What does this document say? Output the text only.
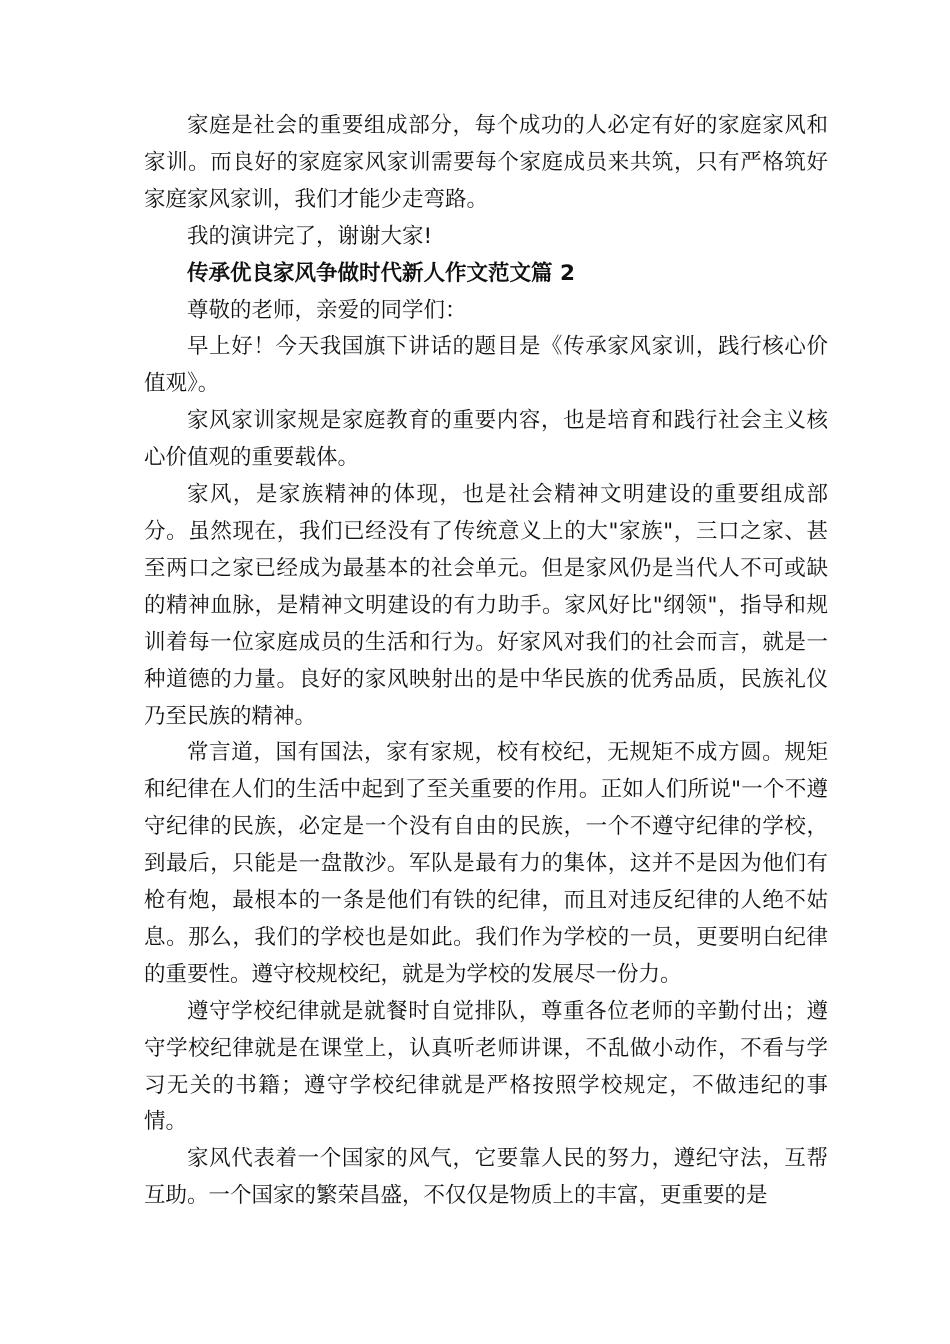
家庭是社会的重要组成部分，每个成功的人必定有好的家庭家风和家训。而良好的家庭家风家训需要每个家庭成员来共筑，只有严格筑好家庭家风家训，我们才能少走弯路。

我的演讲完了，谢谢大家!

传承优良家风争做时代新人作文范文篇 2

尊敬的老师，亲爱的同学们：

早上好！今天我国旗下讲话的题目是《传承家风家训，践行核心价值观》。

家风家训家规是家庭教育的重要内容，也是培育和践行社会主义核心价值观的重要载体。

家风，是家族精神的体现，也是社会精神文明建设的重要组成部分。虽然现在，我们已经没有了传统意义上的大"家族"，三口之家、甚至两口之家已经成为最基本的社会单元。但是家风仍是当代人不可或缺的精神血脉，是精神文明建设的有力助手。家风好比"纲领"，指导和规训着每一位家庭成员的生活和行为。好家风对我们的社会而言，就是一种道德的力量。良好的家风映射出的是中华民族的优秀品质，民族礼仪乃至民族的精神。

常言道，国有国法，家有家规，校有校纪，无规矩不成方圆。规矩和纪律在人们的生活中起到了至关重要的作用。正如人们所说"一个不遵守纪律的民族，必定是一个没有自由的民族，一个不遵守纪律的学校，到最后，只能是一盘散沙。军队是最有力的集体，这并不是因为他们有枪有炮，最根本的一条是他们有铁的纪律，而且对违反纪律的人绝不姑息。那么，我们的学校也是如此。我们作为学校的一员，更要明白纪律的重要性。遵守校规校纪，就是为学校的发展尽一份力。

遵守学校纪律就是就餐时自觉排队，尊重各位老师的辛勤付出；遵守学校纪律就是在课堂上，认真听老师讲课，不乱做小动作，不看与学习无关的书籍；遵守学校纪律就是严格按照学校规定，不做违纪的事情。

家风代表着一个国家的风气，它要靠人民的努力，遵纪守法，互帮互助。一个国家的繁荣昌盛，不仅仅是物质上的丰富，更重要的是
